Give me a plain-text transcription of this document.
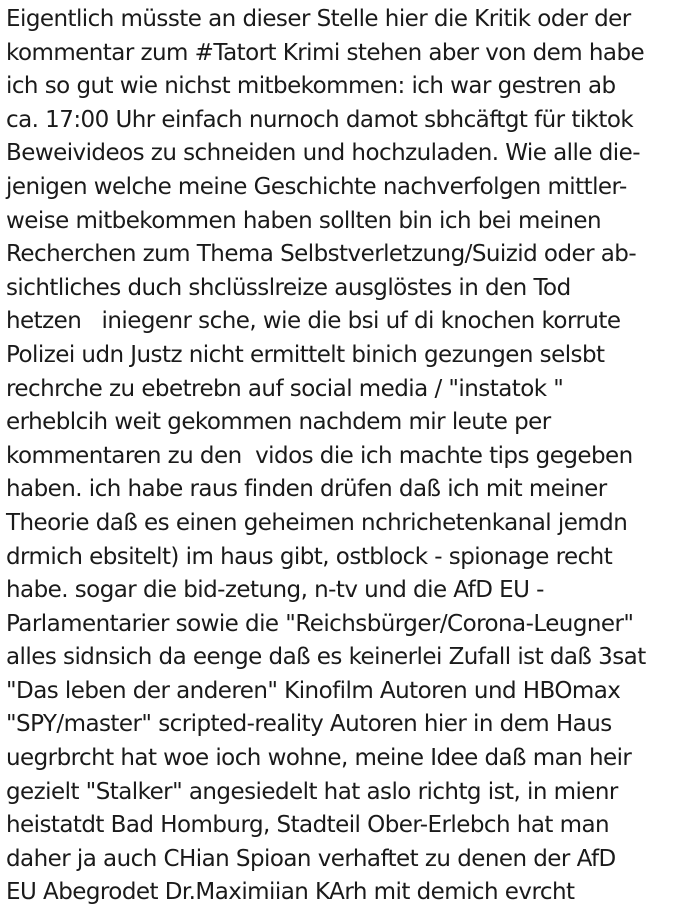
Eigentlich müsste an dieser Stelle hier die Kritik oder der
kommentar zum #Tatort Krimi stehen aber von dem habe
ich so gut wie nichst mitbekommen: ich war gestren ab
ca. 17:00 Uhr einfach nurnoch damot sbhcäftgt für tiktok
Beweivideos zu schneiden und hochzuladen. Wie alle die-
jenigen welche meine Geschichte nachverfolgen mittler-
weise mitbekommen haben sollten bin ich bei meinen
Recherchen zum Thema Selbstverletzung/Suizid oder ab-
sichtliches duch shclüsslreize ausglöstes in den Tod
hetzen   iniegenr sche, wie die bsi uf di knochen korrute
Polizei udn Justz nicht ermittelt binich gezungen selsbt
rechrche zu ebetrebn auf social media / "instatok "
erheblcih weit gekommen nachdem mir leute per
kommentaren zu den  vidos die ich machte tips gegeben
haben. ich habe raus finden drüfen daß ich mit meiner
Theorie daß es einen geheimen nchrichetenkanal jemdn
drmich ebsitelt) im haus gibt, ostblock - spionage recht
habe. sogar die bid-zetung, n-tv und die AfD EU -
Parlamentarier sowie die "Reichsbürger/Corona-Leugner"
alles sidnsich da eenge daß es keinerlei Zufall ist daß 3sat
"Das leben der anderen" Kinofilm Autoren und HBOmax
"SPY/master" scripted-reality Autoren hier in dem Haus
uegrbrcht hat woe ioch wohne, meine Idee daß man heir
gezielt "Stalker" angesiedelt hat aslo richtg ist, in mienr
heistatdt Bad Homburg, Stadteil Ober-Erlebch hat man
daher ja auch CHian Spioan verhaftet zu denen der AfD
EU Abegrodet Dr.Maximiian KArh mit demich evrcht
